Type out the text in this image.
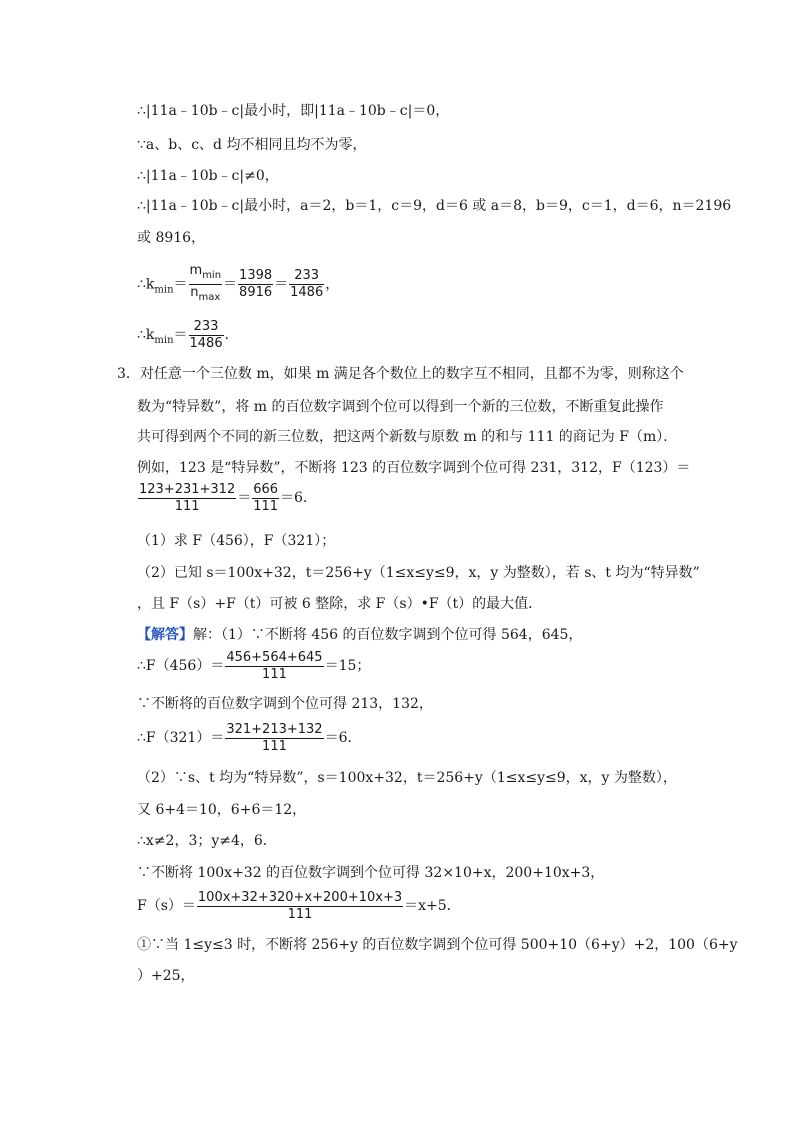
∴|11a﹣10b﹣c|最小时，即|11a﹣10b﹣c|＝0，
∵a、b、c、d 均不相同且均不为零，
∴|11a﹣10b﹣c|≠0，
∴|11a﹣10b﹣c|最小时，a＝2，b＝1，c＝9，d＝6 或 a＝8，b＝9，c＝1，d＝6，n＝2196
或 8916，
$\therefore k_{min}= \frac{m_{min}}{n_{max}} = \frac{1398}{8916} = \frac{233}{1486}$ ，
$\therefore k_{min}= \frac{233}{1486}$ ．
3．对任意一个三位数 m，如果 m 满足各个数位上的数字互不相同，且都不为零，则称这个
数为“特异数”，将 m 的百位数字调到个位可以得到一个新的三位数，不断重复此操作
共可得到两个不同的新三位数，把这两个新数与原数 m 的和与 111 的商记为 F（m）．
例如，123 是“特异数”，不断将 123 的百位数字调到个位可得 231，312，F（123）＝
$\frac{123+231+312}{111} = \frac{666}{111} =6$．
（1）求 F（456），F（321）；
（2）已知 s＝100x+32，t＝256+y（1≤x≤y≤9，x，y 为整数），若 s、t 均为“特异数”
，且 F（s）+F（t）可被 6 整除，求 F（s）•F（t）的最大值．
【解答】解：（1）∵不断将 456 的百位数字调到个位可得 564，645，
∴F（456）＝ $\frac{456+564+645}{111} =15$；
∵不断将的百位数字调到个位可得 213，132，
∴F（321）＝ $\frac{321+213+132}{111} =6$．
（2）∵s、t 均为“特异数”，s＝100x+32，t＝256+y（1≤x≤y≤9，x，y 为整数），
又 6+4＝10，6+6＝12，
∴x≠2，3；y≠4，6．
∵不断将 100x+32 的百位数字调到个位可得 32×10+x，200+10x+3，
$F(s)= \frac{100x+32+320+x+200+10x+3}{111} =x+5$．
①∵当 1≤y≤3 时，不断将 256+y 的百位数字调到个位可得 500+10（6+y）+2，100（6+y
）+25，
